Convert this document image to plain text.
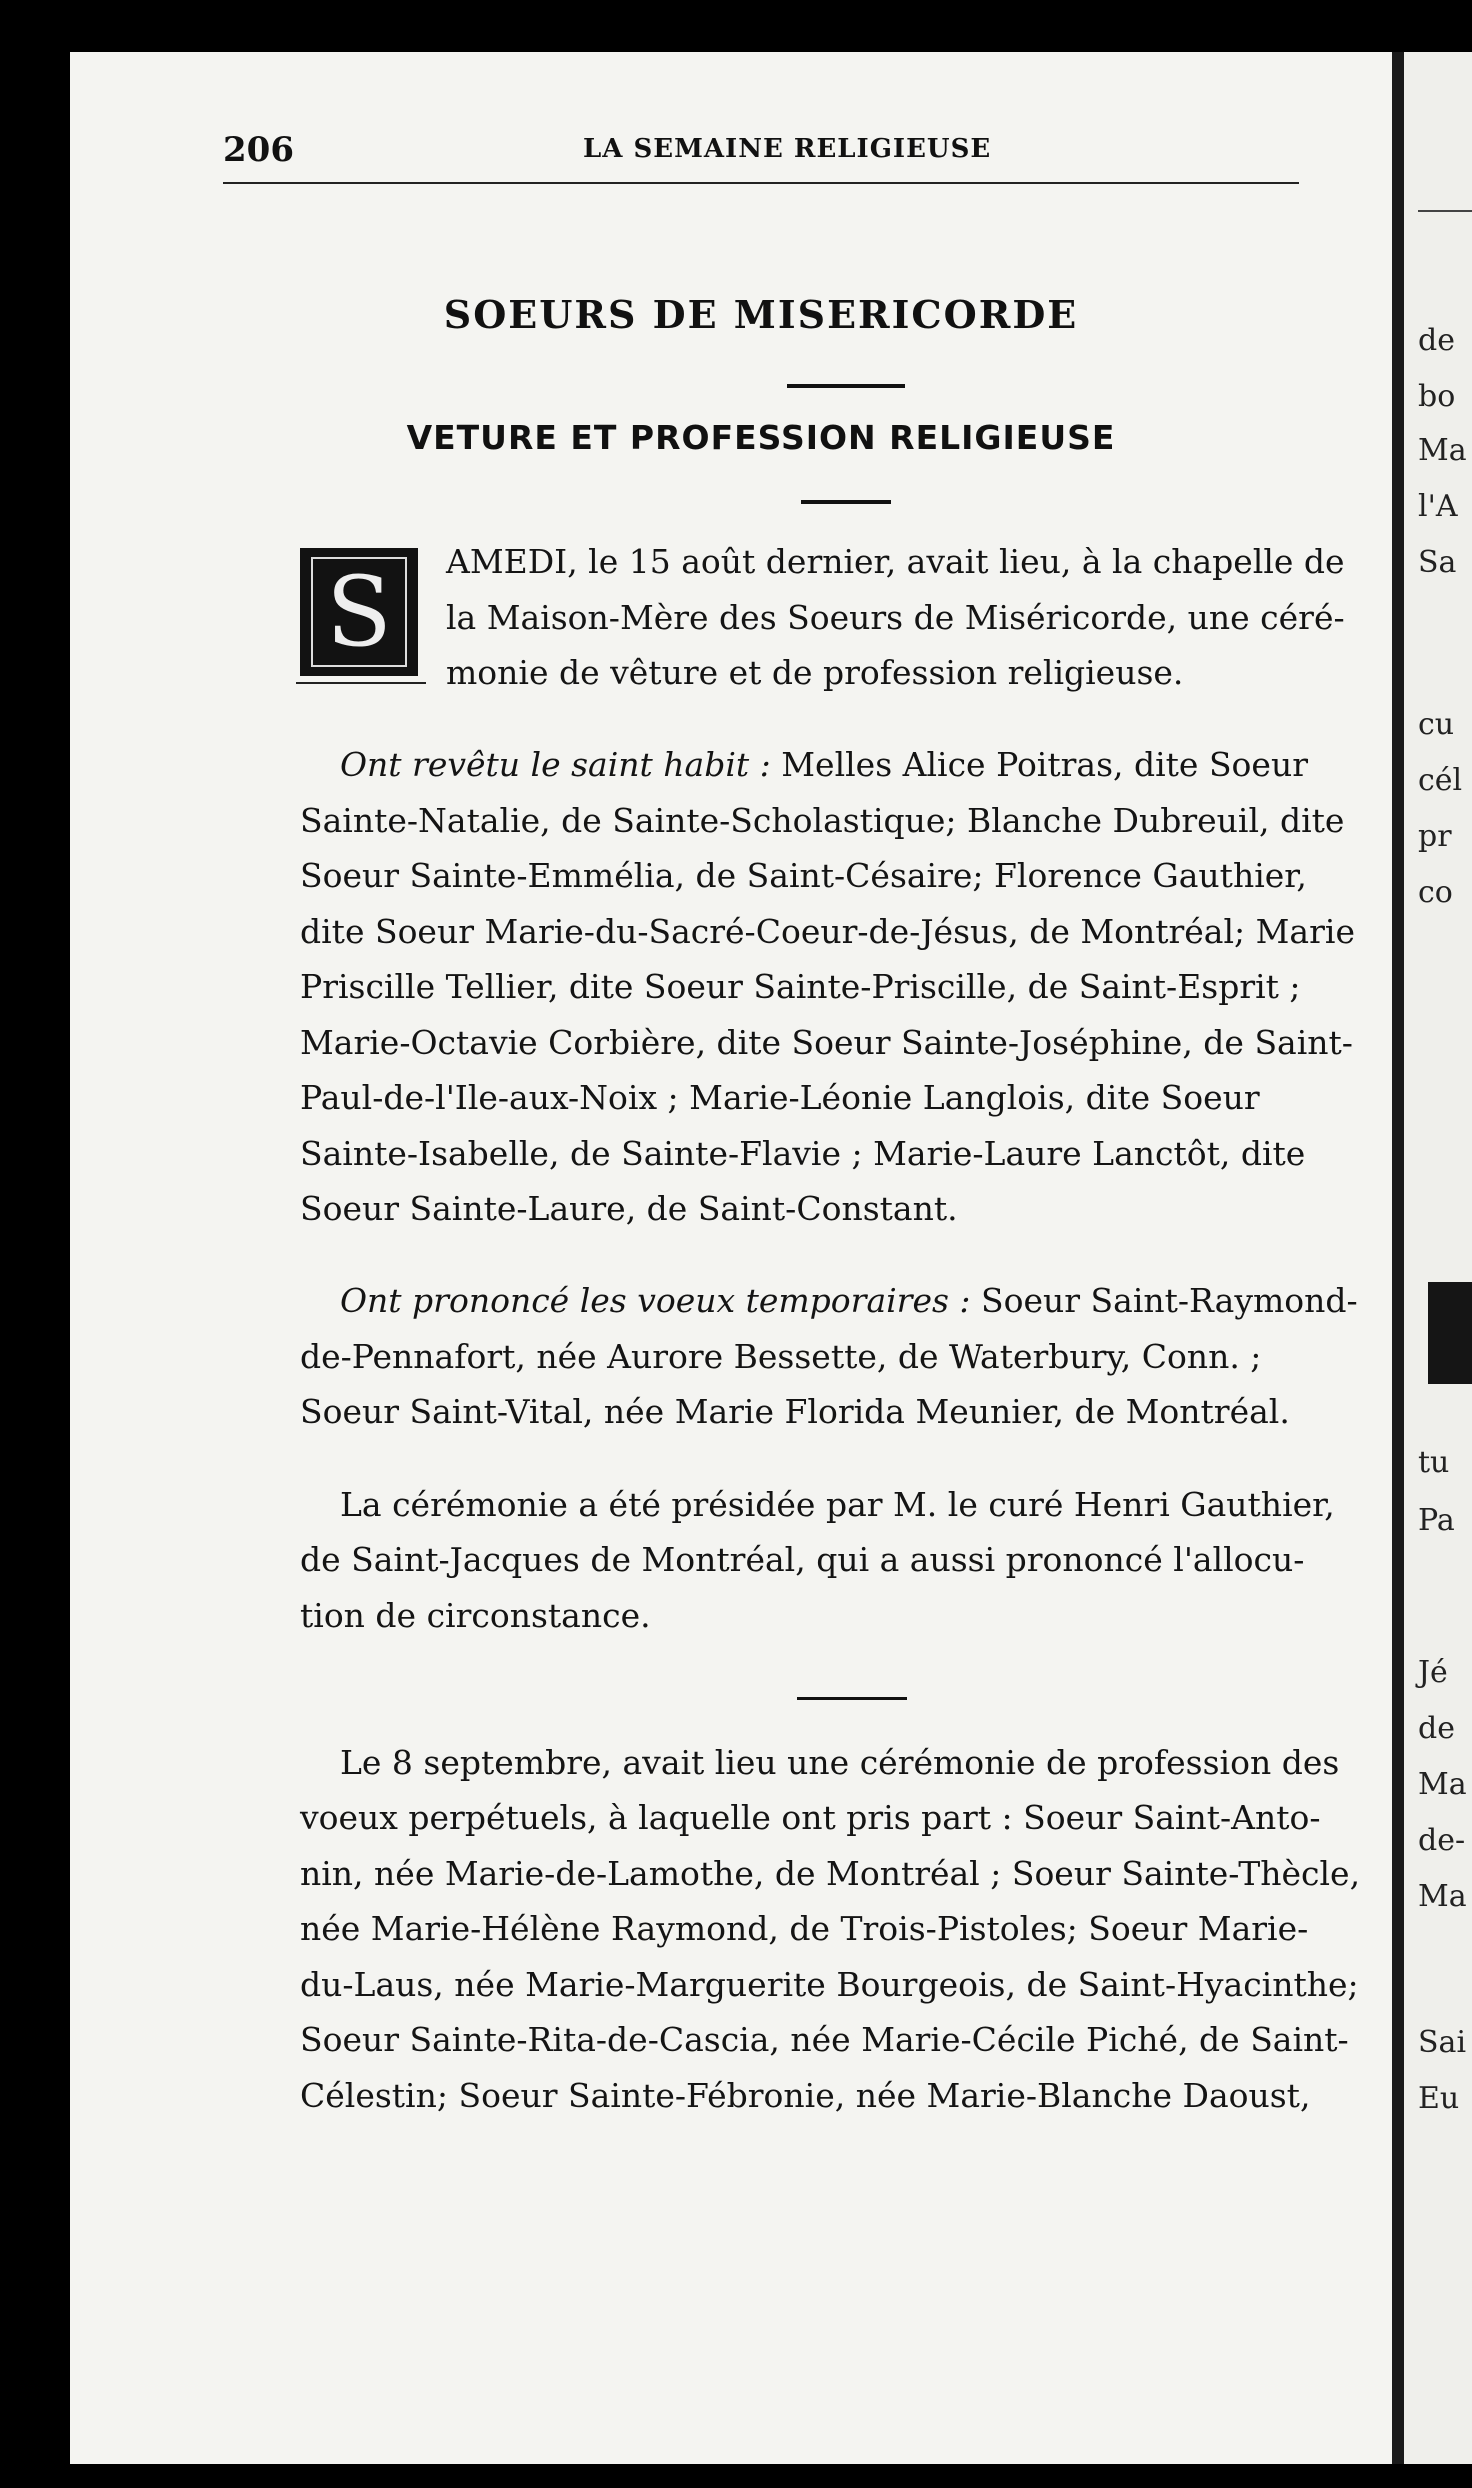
de
bo
Ma
l'A
Sa
cu
cél
pr
co
tu
Pa
Jé
de
Ma
de-
Ma
Sai
Eu
206	LA SEMAINE RELIGIEUSE
SOEURS DE MISERICORDE
VETURE ET PROFESSION RELIGIEUSE
S	AMEDI, le 15 août dernier, avait lieu, à la chapelle de
la Maison-Mère des Soeurs de Miséricorde, une céré-
monie de vêture et de profession religieuse.
Ont revêtu le saint habit : Melles Alice Poitras, dite Soeur
Sainte-Natalie, de Sainte-Scholastique; Blanche Dubreuil, dite
Soeur Sainte-Emmélia, de Saint-Césaire; Florence Gauthier,
dite Soeur Marie-du-Sacré-Coeur-de-Jésus, de Montréal; Marie
Priscille Tellier, dite Soeur Sainte-Priscille, de Saint-Esprit ;
Marie-Octavie Corbière, dite Soeur Sainte-Joséphine, de Saint-
Paul-de-l'Ile-aux-Noix ; Marie-Léonie Langlois, dite Soeur
Sainte-Isabelle, de Sainte-Flavie ; Marie-Laure Lanctôt, dite
Soeur Sainte-Laure, de Saint-Constant.
Ont prononcé les voeux temporaires : Soeur Saint-Raymond-
de-Pennafort, née Aurore Bessette, de Waterbury, Conn. ;
Soeur Saint-Vital, née Marie Florida Meunier, de Montréal.
La cérémonie a été présidée par M. le curé Henri Gauthier,
de Saint-Jacques de Montréal, qui a aussi prononcé l'allocu-
tion de circonstance.
Le 8 septembre, avait lieu une cérémonie de profession des
voeux perpétuels, à laquelle ont pris part : Soeur Saint-Anto-
nin, née Marie-de-Lamothe, de Montréal ; Soeur Sainte-Thècle,
née Marie-Hélène Raymond, de Trois-Pistoles; Soeur Marie-
du-Laus, née Marie-Marguerite Bourgeois, de Saint-Hyacinthe;
Soeur Sainte-Rita-de-Cascia, née Marie-Cécile Piché, de Saint-
Célestin; Soeur Sainte-Fébronie, née Marie-Blanche Daoust,
